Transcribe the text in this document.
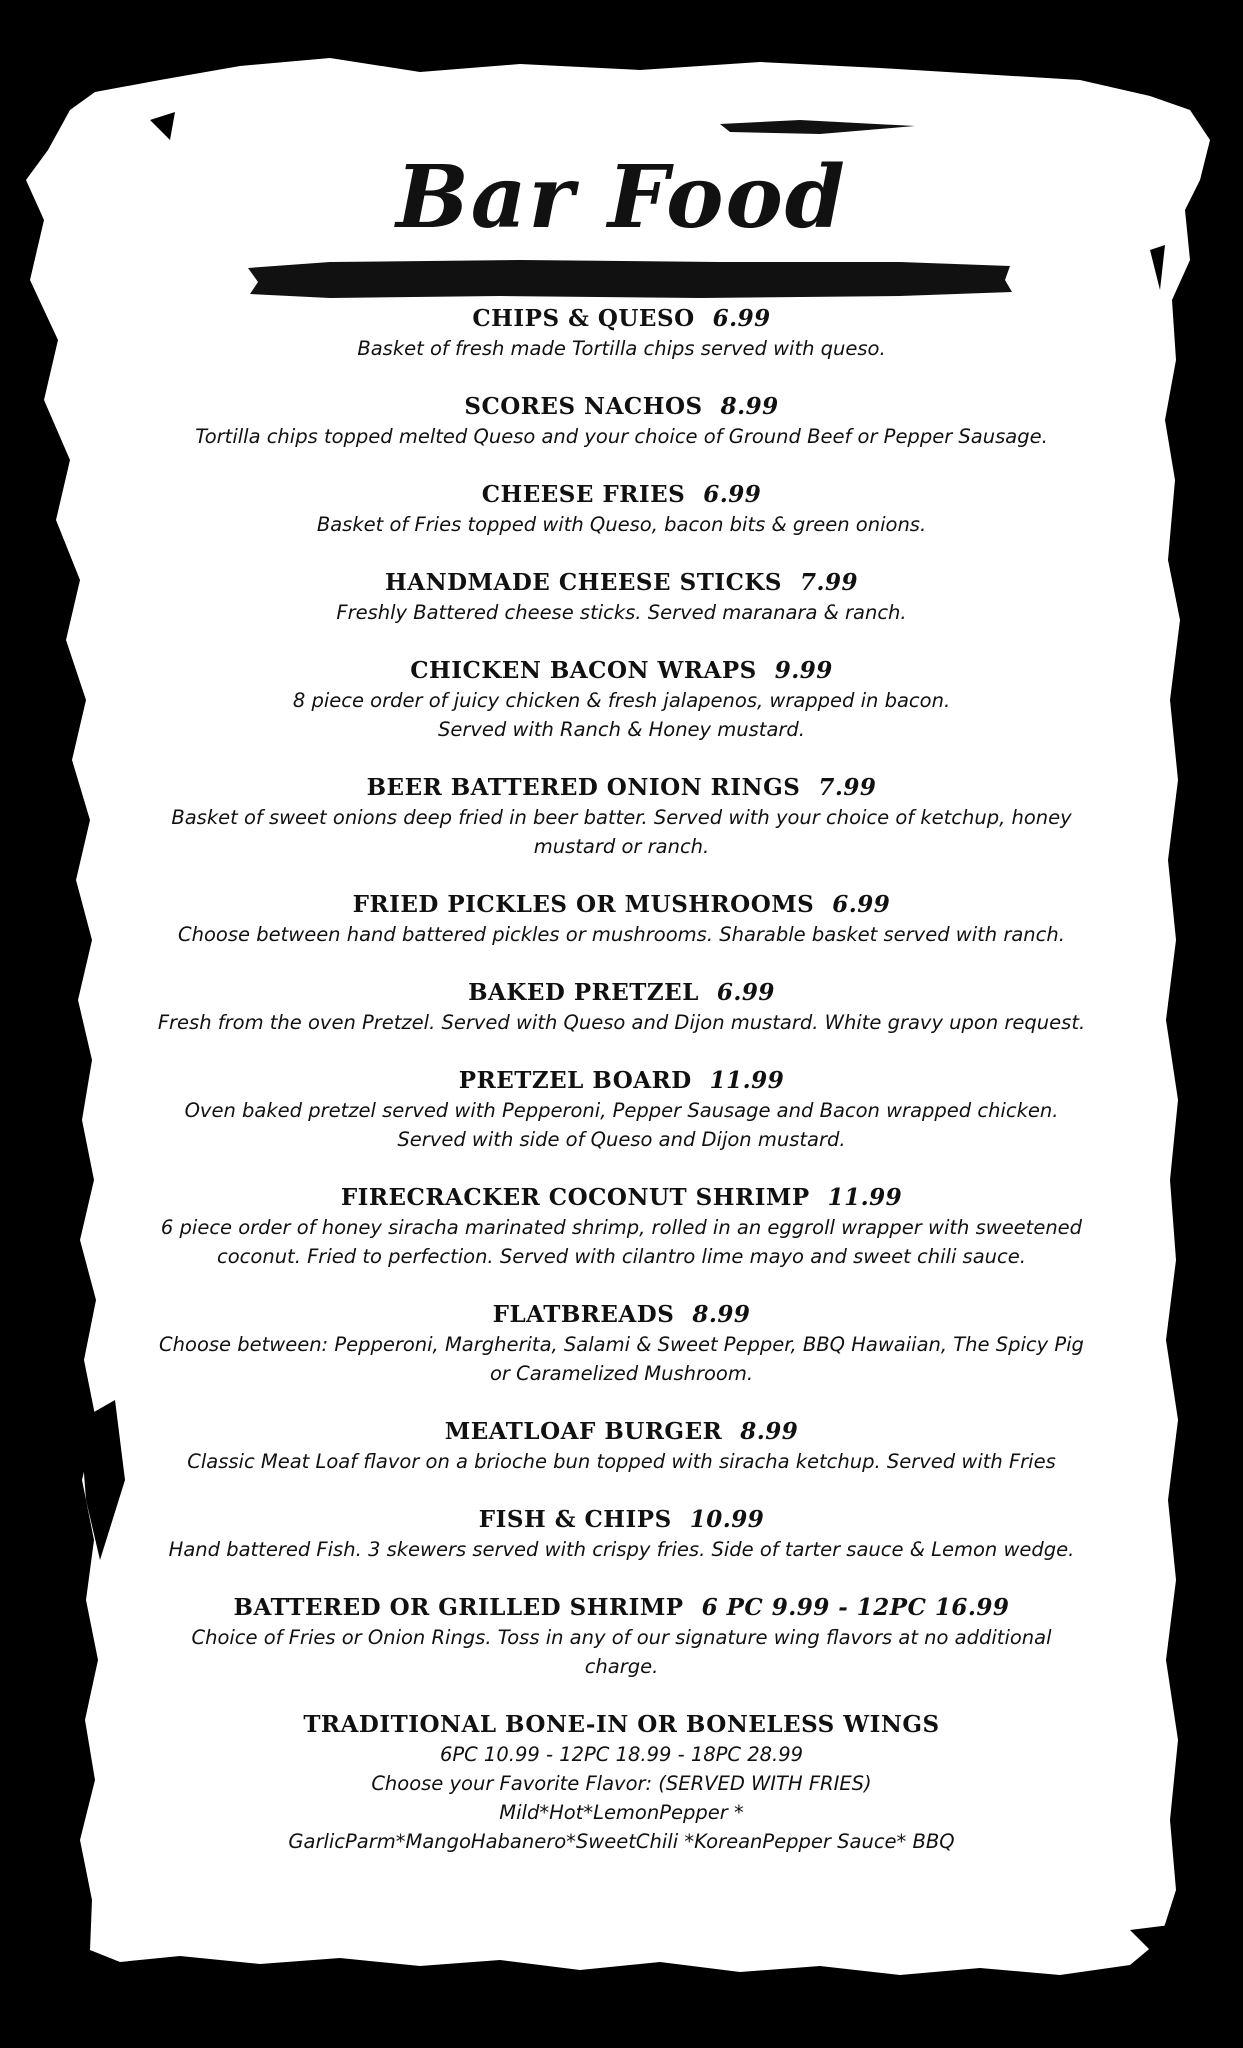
Bar Food
CHIPS & QUESO 6.99
Basket of fresh made Tortilla chips served with queso.
SCORES NACHOS 8.99
Tortilla chips topped melted Queso and your choice of Ground Beef or Pepper Sausage.
CHEESE FRIES 6.99
Basket of Fries topped with Queso, bacon bits & green onions.
HANDMADE CHEESE STICKS 7.99
Freshly Battered cheese sticks. Served maranara & ranch.
CHICKEN BACON WRAPS 9.99
8 piece order of juicy chicken & fresh jalapenos, wrapped in bacon.
Served with Ranch & Honey mustard.
BEER BATTERED ONION RINGS 7.99
Basket of sweet onions deep fried in beer batter. Served with your choice of ketchup, honey
mustard or ranch.
FRIED PICKLES OR MUSHROOMS 6.99
Choose between hand battered pickles or mushrooms. Sharable basket served with ranch.
BAKED PRETZEL 6.99
Fresh from the oven Pretzel. Served with Queso and Dijon mustard. White gravy upon request.
PRETZEL BOARD 11.99
Oven baked pretzel served with Pepperoni, Pepper Sausage and Bacon wrapped chicken.
Served with side of Queso and Dijon mustard.
FIRECRACKER COCONUT SHRIMP 11.99
6 piece order of honey siracha marinated shrimp, rolled in an eggroll wrapper with sweetened
coconut. Fried to perfection. Served with cilantro lime mayo and sweet chili sauce.
FLATBREADS 8.99
Choose between: Pepperoni, Margherita, Salami & Sweet Pepper, BBQ Hawaiian, The Spicy Pig
or Caramelized Mushroom.
MEATLOAF BURGER 8.99
Classic Meat Loaf flavor on a brioche bun topped with siracha ketchup. Served with Fries
FISH & CHIPS 10.99
Hand battered Fish. 3 skewers served with crispy fries. Side of tarter sauce & Lemon wedge.
BATTERED OR GRILLED SHRIMP 6 PC 9.99 - 12PC 16.99
Choice of Fries or Onion Rings. Toss in any of our signature wing flavors at no additional
charge.
TRADITIONAL BONE-IN OR BONELESS WINGS
6PC 10.99 - 12PC 18.99 - 18PC 28.99
Choose your Favorite Flavor: (SERVED WITH FRIES)
Mild*Hot*LemonPepper *
GarlicParm*MangoHabanero*SweetChili *KoreanPepper Sauce* BBQ
